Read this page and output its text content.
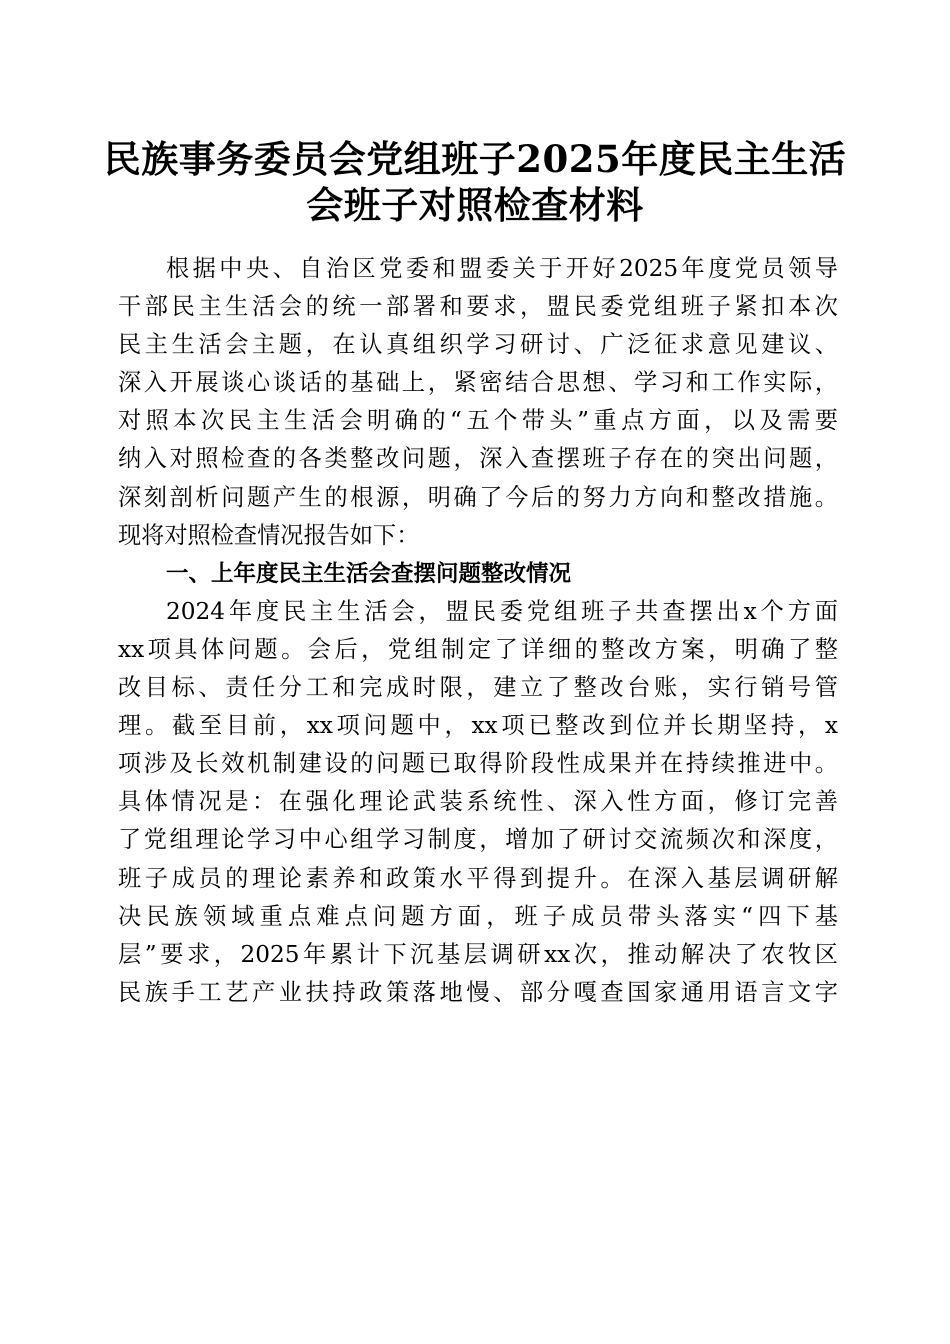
民族事务委员会党组班子2025年度民主生活
会班子对照检查材料
根据中央、自治区党委和盟委关于开好2025年度党员领导
干部民主生活会的统一部署和要求，盟民委党组班子紧扣本次
民主生活会主题，在认真组织学习研讨、广泛征求意见建议、
深入开展谈心谈话的基础上，紧密结合思想、学习和工作实际，
对照本次民主生活会明确的“五个带头”重点方面，以及需要
纳入对照检查的各类整改问题，深入查摆班子存在的突出问题，
深刻剖析问题产生的根源，明确了今后的努力方向和整改措施。
现将对照检查情况报告如下：
一、上年度民主生活会查摆问题整改情况
2024年度民主生活会，盟民委党组班子共查摆出x个方面
xx项具体问题。会后，党组制定了详细的整改方案，明确了整
改目标、责任分工和完成时限，建立了整改台账，实行销号管
理。截至目前，xx项问题中，xx项已整改到位并长期坚持，x
项涉及长效机制建设的问题已取得阶段性成果并在持续推进中。
具体情况是：在强化理论武装系统性、深入性方面，修订完善
了党组理论学习中心组学习制度，增加了研讨交流频次和深度，
班子成员的理论素养和政策水平得到提升。在深入基层调研解
决民族领域重点难点问题方面，班子成员带头落实“四下基
层”要求，2025年累计下沉基层调研xx次，推动解决了农牧区
民族手工艺产业扶持政策落地慢、部分嘎查国家通用语言文字
